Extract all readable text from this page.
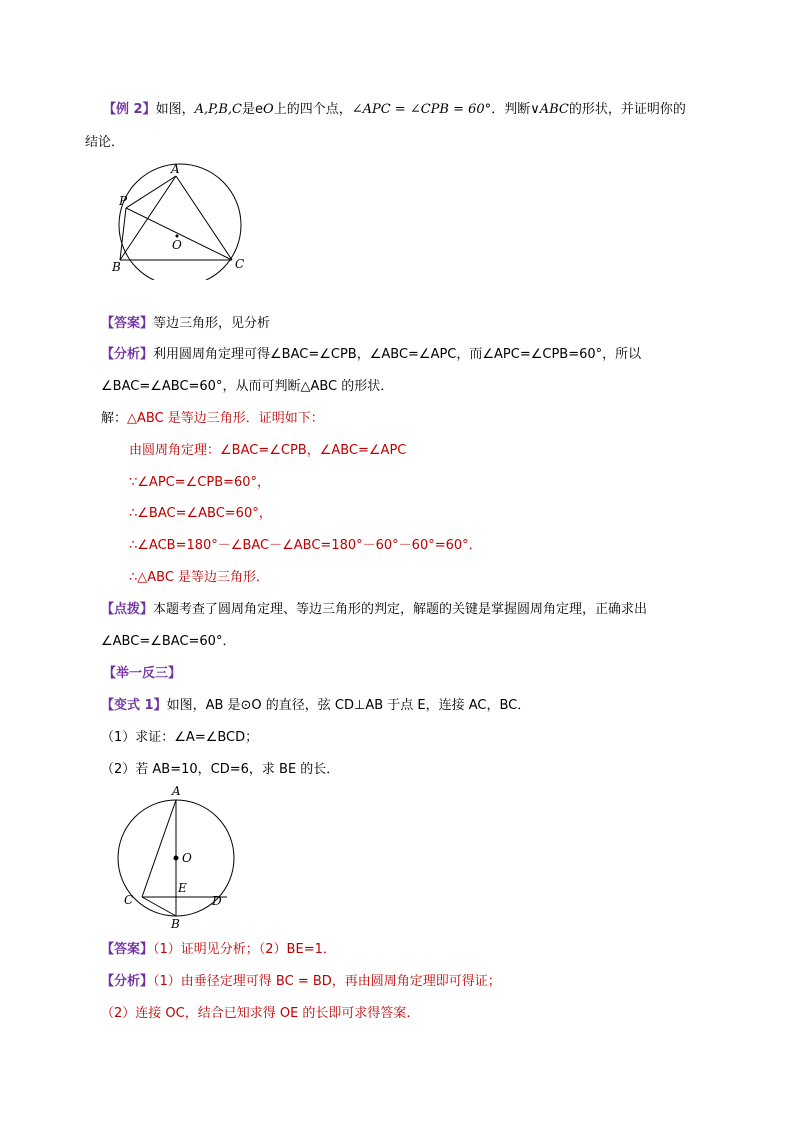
【例 2】如图，A,P,B,C是eO上的四个点，∠APC = ∠CPB = 60°．判断∨ABC的形状，并证明你的
结论．
A
P
B	C
O
【答案】等边三角形，见分析
【分析】利用圆周角定理可得∠BAC=∠CPB，∠ABC=∠APC，而∠APC=∠CPB=60°，所以
∠BAC=∠ABC=60°，从而可判断△ABC 的形状．
解：△ABC 是等边三角形．证明如下：
由圆周角定理：∠BAC=∠CPB，∠ABC=∠APC
∵∠APC=∠CPB=60°，
∴∠BAC=∠ABC=60°，
∴∠ACB=180°－∠BAC－∠ABC=180°－60°－60°=60°．
∴△ABC 是等边三角形．
【点拨】本题考查了圆周角定理、等边三角形的判定，解题的关键是掌握圆周角定理，正确求出
∠ABC=∠BAC=60°．
【举一反三】
【变式 1】如图，AB 是⊙O 的直径，弦 CD⊥AB 于点 E，连接 AC，BC．
（1）求证：∠A=∠BCD；
（2）若 AB=10，CD=6，求 BE 的长．
A
O
E
C
B
D
【答案】（1）证明见分析；（2）BE=1．
【分析】（1）由垂径定理可得 BC = BD，再由圆周角定理即可得证；
（2）连接 OC，结合已知求得 OE 的长即可求得答案.
